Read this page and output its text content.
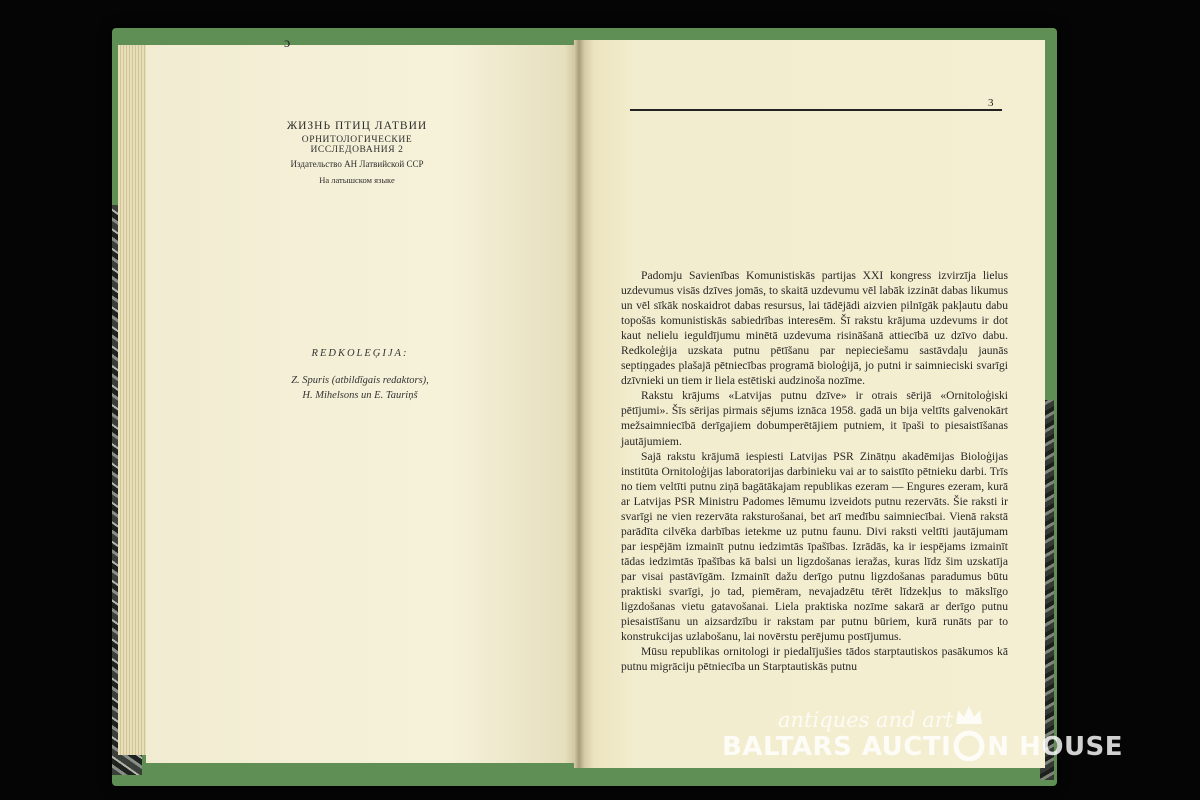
ɔ
ЖИЗНЬ ПТИЦ ЛАТВИИ
ОРНИТОЛОГИЧЕСКИЕ ИССЛЕДОВАНИЯ 2
Издательство АН Латвийской ССР
На латышском языке
REDKOLEĢIJA:
Z. Spuris (atbildīgais redaktors),
H. Mihelsons un E. Tauriņš
3

Padomju Savienības Komunistiskās partijas XXI kongress izvirzīja lielus uzdevumus visās dzīves jomās, to skaitā uzdevumu vēl labāk izzināt dabas likumus un vēl sīkāk noskaidrot dabas resursus, lai tādējādi aizvien pilnīgāk pakļautu dabu topošās komunistiskās sabiedrības interesēm. Šī rakstu krājuma uzdevums ir dot kaut nelielu ieguldījumu minētā uzdevuma risināšanā attiecībā uz dzīvo dabu. Redkoleģija uzskata putnu pētīšanu par nepieciešamu sastāvdaļu jaunās septiņgades plašajā pētniecības programā bioloģijā, jo putni ir saimnieciski svarīgi dzīvnieki un tiem ir liela estētiski audzinoša nozīme.

Rakstu krājums «Latvijas putnu dzīve» ir otrais sērijā «Ornitoloģiski pētījumi». Šīs sērijas pirmais sējums iznāca 1958. gadā un bija veltīts galvenokārt mežsaimniecībā derīgajiem dobumperētājiem putniem, it īpaši to piesaistīšanas jautājumiem.

Sajā rakstu krājumā iespiesti Latvijas PSR Zinātņu akadēmijas Bioloģijas institūta Ornitoloģijas laboratorijas darbinieku vai ar to saistīto pētnieku darbi. Trīs no tiem veltīti putnu ziņā bagātākajam republikas ezeram — Engures ezeram, kurā ar Latvijas PSR Ministru Padomes lēmumu izveidots putnu rezervāts. Šie raksti ir svarīgi ne vien rezervāta raksturošanai, bet arī medību saimniecībai. Vienā rakstā parādīta cilvēka darbības ietekme uz putnu faunu. Divi raksti veltīti jautājumam par iespējām izmainīt putnu iedzimtās īpašības. Izrādās, ka ir iespējams izmainīt tādas iedzimtās īpašības kā balsi un ligzdošanas ieražas, kuras līdz šim uzskatīja par visai pastāvīgām. Izmainīt dažu derīgo putnu ligzdošanas paradumus būtu praktiski svarīgi, jo tad, piemēram, nevajadzētu tērēt līdzekļus to mākslīgo ligzdošanas vietu gatavošanai. Liela praktiska nozīme sakarā ar derīgo putnu piesaistīšanu un aizsardzību ir rakstam par putnu būriem, kurā runāts par to konstrukcijas uzlabošanu, lai novērstu perējumu postījumus.

Mūsu republikas ornitologi ir piedalījušies tādos starptautiskos pasākumos kā putnu migrāciju pētniecība un Starptautiskās putnu

antiques and art
BALTARS AUCTI N HOUSE
